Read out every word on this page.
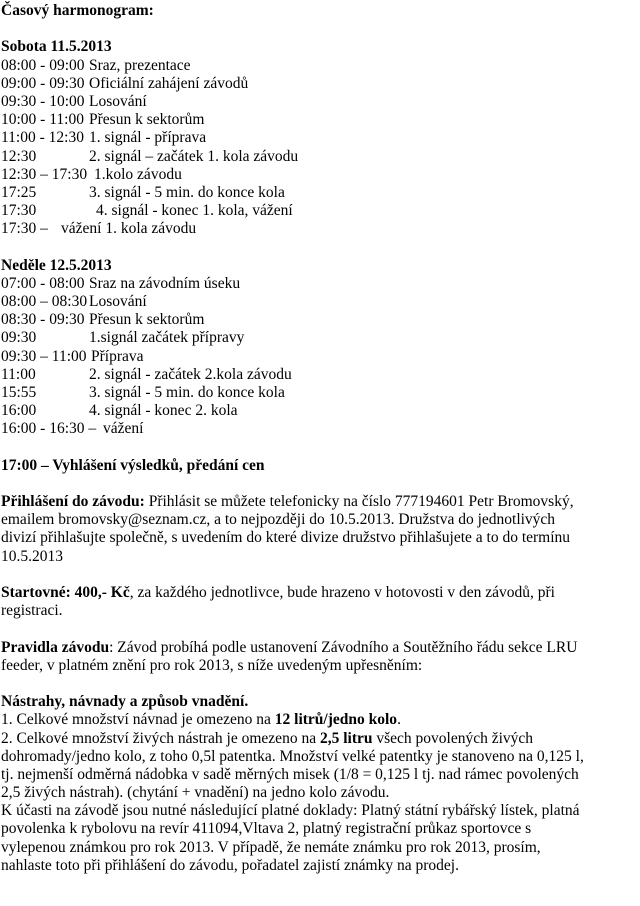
Časový harmonogram:
Sobota 11.5.2013
08:00 - 09:00 Sraz, prezentace
09:00 - 09:30 Oficiální zahájení závodů
09:30 - 10:00 Losování
10:00 - 11:00 Přesun k sektorům
11:00 - 12:30 1. signál - příprava
12:30	2. signál – začátek 1. kola závodu
12:30 – 17:30 1.kolo závodu
17:25	3. signál - 5 min. do konce kola
17:30	4. signál - konec 1. kola, vážení
17:30 – vážení 1. kola závodu
Neděle 12.5.2013
07:00 - 08:00 Sraz na závodním úseku
08:00 – 08:30 Losování
08:30 - 09:30 Přesun k sektorům
09:30	1.signál začátek přípravy
09:30 – 11:00 Příprava
11:00	2. signál - začátek 2.kola závodu
15:55	3. signál - 5 min. do konce kola
16:00	4. signál - konec 2. kola
16:00 - 16:30 – vážení
17:00 – Vyhlášení výsledků, předání cen
Přihlášení do závodu: Přihlásit se můžete telefonicky na číslo 777194601 Petr Bromovský,
emailem bromovsky@seznam.cz, a to nejpozději do 10.5.2013. Družstva do jednotlivých
divizí přihlašujte společně, s uvedením do které divize družstvo přihlašujete a to do termínu
10.5.2013
Startovné: 400,- Kč, za každého jednotlivce, bude hrazeno v hotovosti v den závodů, při
registraci.
Pravidla závodu: Závod probíhá podle ustanovení Závodního a Soutěžního řádu sekce LRU
feeder, v platném znění pro rok 2013, s níže uvedeným upřesněním:
Nástrahy, návnady a způsob vnadění.
1. Celkové množství návnad je omezeno na 12 litrů/jedno kolo.
2. Celkové množství živých nástrah je omezeno na 2,5 litru všech povolených živých
dohromady/jedno kolo, z toho 0,5l patentka. Množství velké patentky je stanoveno na 0,125 l,
tj. nejmenší odměrná nádobka v sadě měrných misek (1/8 = 0,125 l tj. nad rámec povolených
2,5 živých nástrah). (chytání + vnadění) na jedno kolo závodu.
K účasti na závodě jsou nutné následující platné doklady: Platný státní rybářský lístek, platná
povolenka k rybolovu na revír 411094,Vltava 2, platný registrační průkaz sportovce s
vylepenou známkou pro rok 2013. V případě, že nemáte známku pro rok 2013, prosím,
nahlaste toto při přihlášení do závodu, pořadatel zajistí známky na prodej.
